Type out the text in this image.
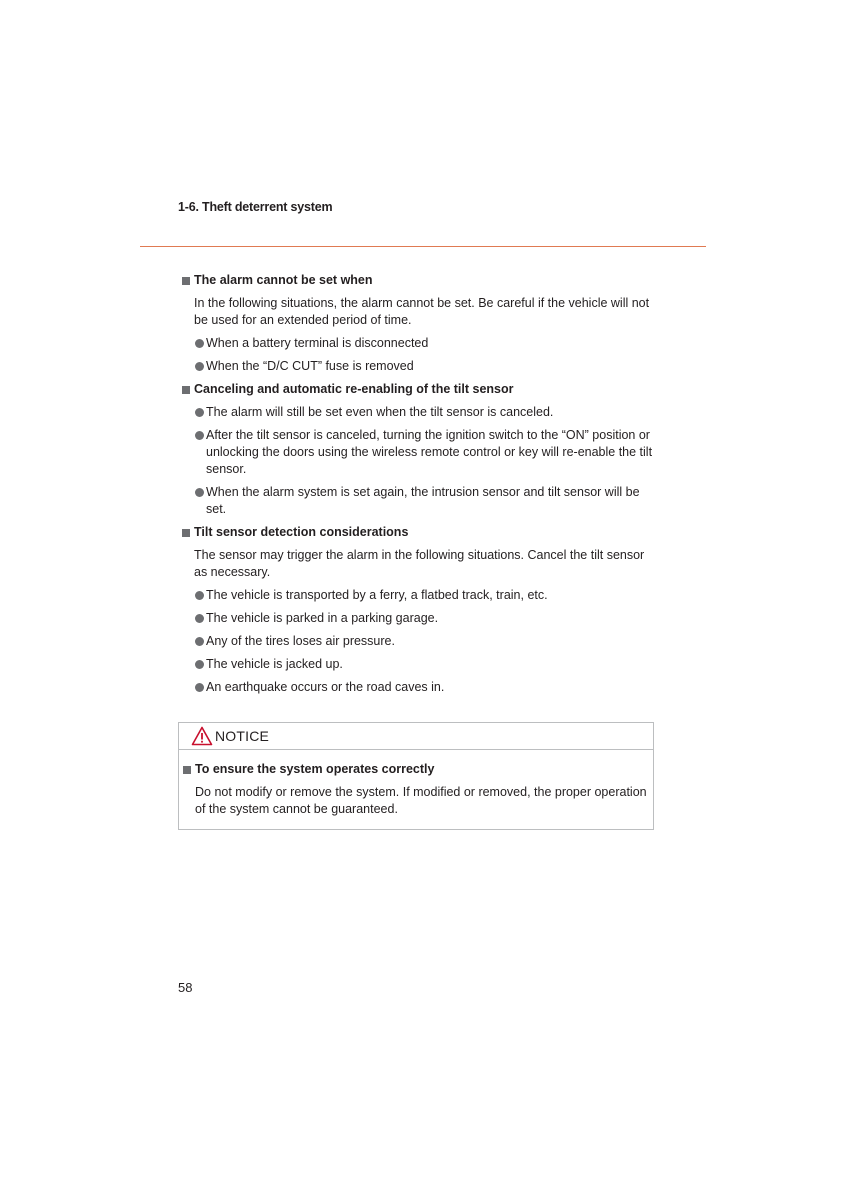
1-6. Theft deterrent system
The alarm cannot be set when
In the following situations, the alarm cannot be set. Be careful if the vehicle will not be used for an extended period of time.
When a battery terminal is disconnected
When the “D/C CUT” fuse is removed
Canceling and automatic re-enabling of the tilt sensor
The alarm will still be set even when the tilt sensor is canceled.
After the tilt sensor is canceled, turning the ignition switch to the “ON” position or unlocking the doors using the wireless remote control or key will re-enable the tilt sensor.
When the alarm system is set again, the intrusion sensor and tilt sensor will be set.
Tilt sensor detection considerations
The sensor may trigger the alarm in the following situations. Cancel the tilt sensor as necessary.
The vehicle is transported by a ferry, a flatbed track, train, etc.
The vehicle is parked in a parking garage.
Any of the tires loses air pressure.
The vehicle is jacked up.
An earthquake occurs or the road caves in.
NOTICE
To ensure the system operates correctly
Do not modify or remove the system. If modified or removed, the proper operation of the system cannot be guaranteed.
58
